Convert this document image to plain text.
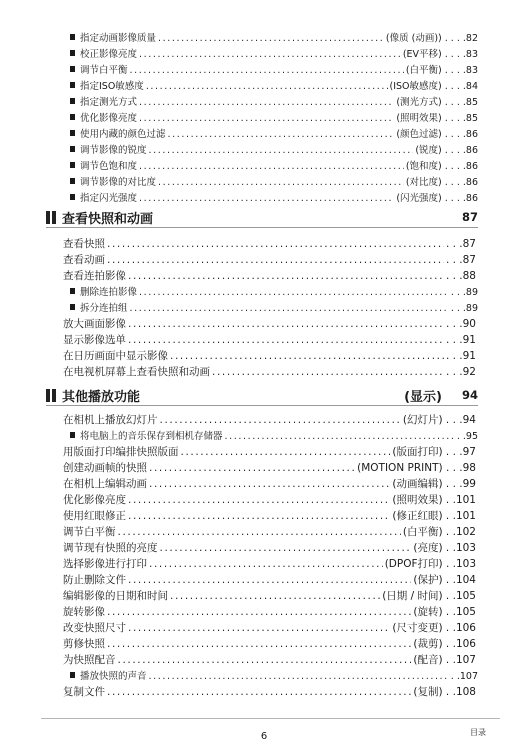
指定动画影像质量 .....	(像质 (动画)) . . . .82
校正影像亮度 .....	(EV平移) . . . .83
调节白平衡 .....	(白平衡) . . . .83
指定ISO敏感度 .....	(ISO敏感度) . . . .84
指定测光方式 .....	(测光方式) . . . .85
优化影像亮度 .....	(照明效果) . . . .85
使用内藏的颜色过滤 .....	(颜色过滤) . . . .86
调节影像的锐度 .....	(锐度) . . . .86
调节色饱和度 .....	(饱和度) . . . .86
调节影像的对比度 .....	(对比度) . . . .86
指定闪光强度 .....	(闪光强度) . . . .86
查看快照和动画	87
查看快照 .....	. . .87
查看动画 .....	. . .87
查看连拍影像 .....	. . .88
删除连拍影像 .....	. . .89
拆分连拍组 .....	. . .89
放大画面影像 .....	. . .90
显示影像选单 .....	. . .91
在日历画面中显示影像 .....	. . .91
在电视机屏幕上查看快照和动画 .....	. . .92
其他播放功能	(显示)	94
在相机上播放幻灯片 .....	(幻灯片) . . .94
将电脑上的音乐保存到相机存储器 .....	. . .95
用版面打印编排快照版面 .....	(版面打印) . . .97
创建动画帧的快照 .....	(MOTION PRINT) . . .98
在相机上编辑动画 .....	(动画编辑) . . .99
优化影像亮度 .....	(照明效果) . .101
使用红眼修正 .....	(修正红眼) . .101
调节白平衡 .....	(白平衡) . .102
调节现有快照的亮度 .....	(亮度) . .103
选择影像进行打印 .....	(DPOF打印) . .103
防止删除文件 .....	(保护) . .104
编辑影像的日期和时间 .....	(日期 / 时间) . .105
旋转影像 .....	(旋转) . .105
改变快照尺寸 .....	(尺寸变更) . .106
剪修快照 .....	(裁剪) . .106
为快照配音 .....	(配音) . .107
播放快照的声音 .....	. .107
复制文件 .....	(复制) . .108
6	目录
